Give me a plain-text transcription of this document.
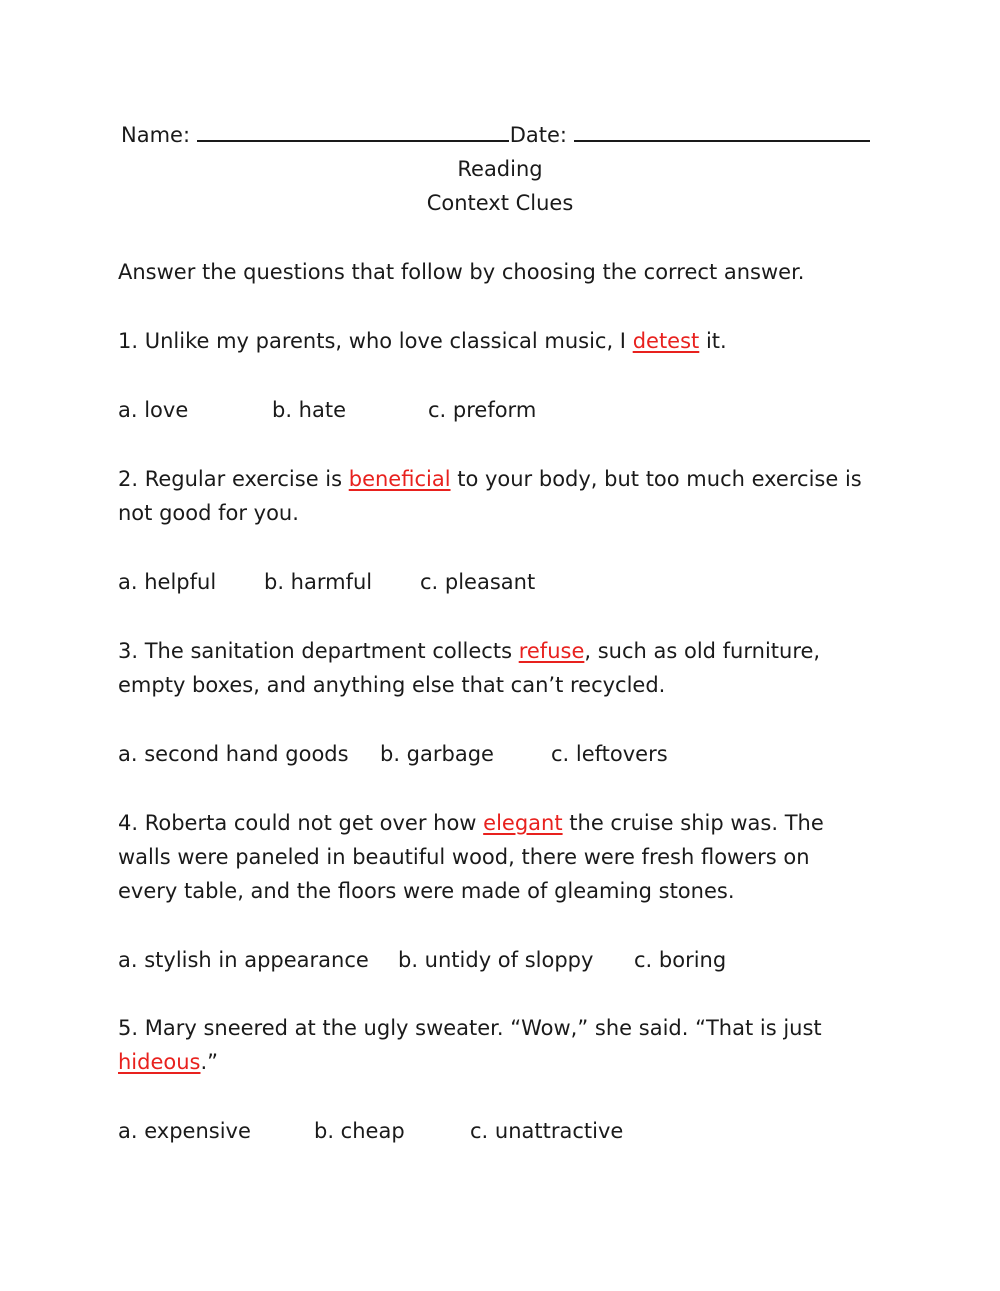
Name:	Date:
Reading
Context Clues
Answer the questions that follow by choosing the correct answer.
1. Unlike my parents, who love classical music, I detest it.
a. love	b. hate	c. preform
2. Regular exercise is beneficial to your body, but too much exercise is
not good for you.
a. helpful b. harmful c. pleasant
3. The sanitation department collects refuse, such as old furniture,
empty boxes, and anything else that can’t recycled.
a. second hand goods b. garbage	c. leftovers
4. Roberta could not get over how elegant the cruise ship was. The
walls were paneled in beautiful wood, there were fresh flowers on
every table, and the floors were made of gleaming stones.
a. stylish in appearance b. untidy of sloppy c. boring
5. Mary sneered at the ugly sweater. “Wow,” she said. “That is just
hideous.”
a. expensive	b. cheap	c. unattractive
